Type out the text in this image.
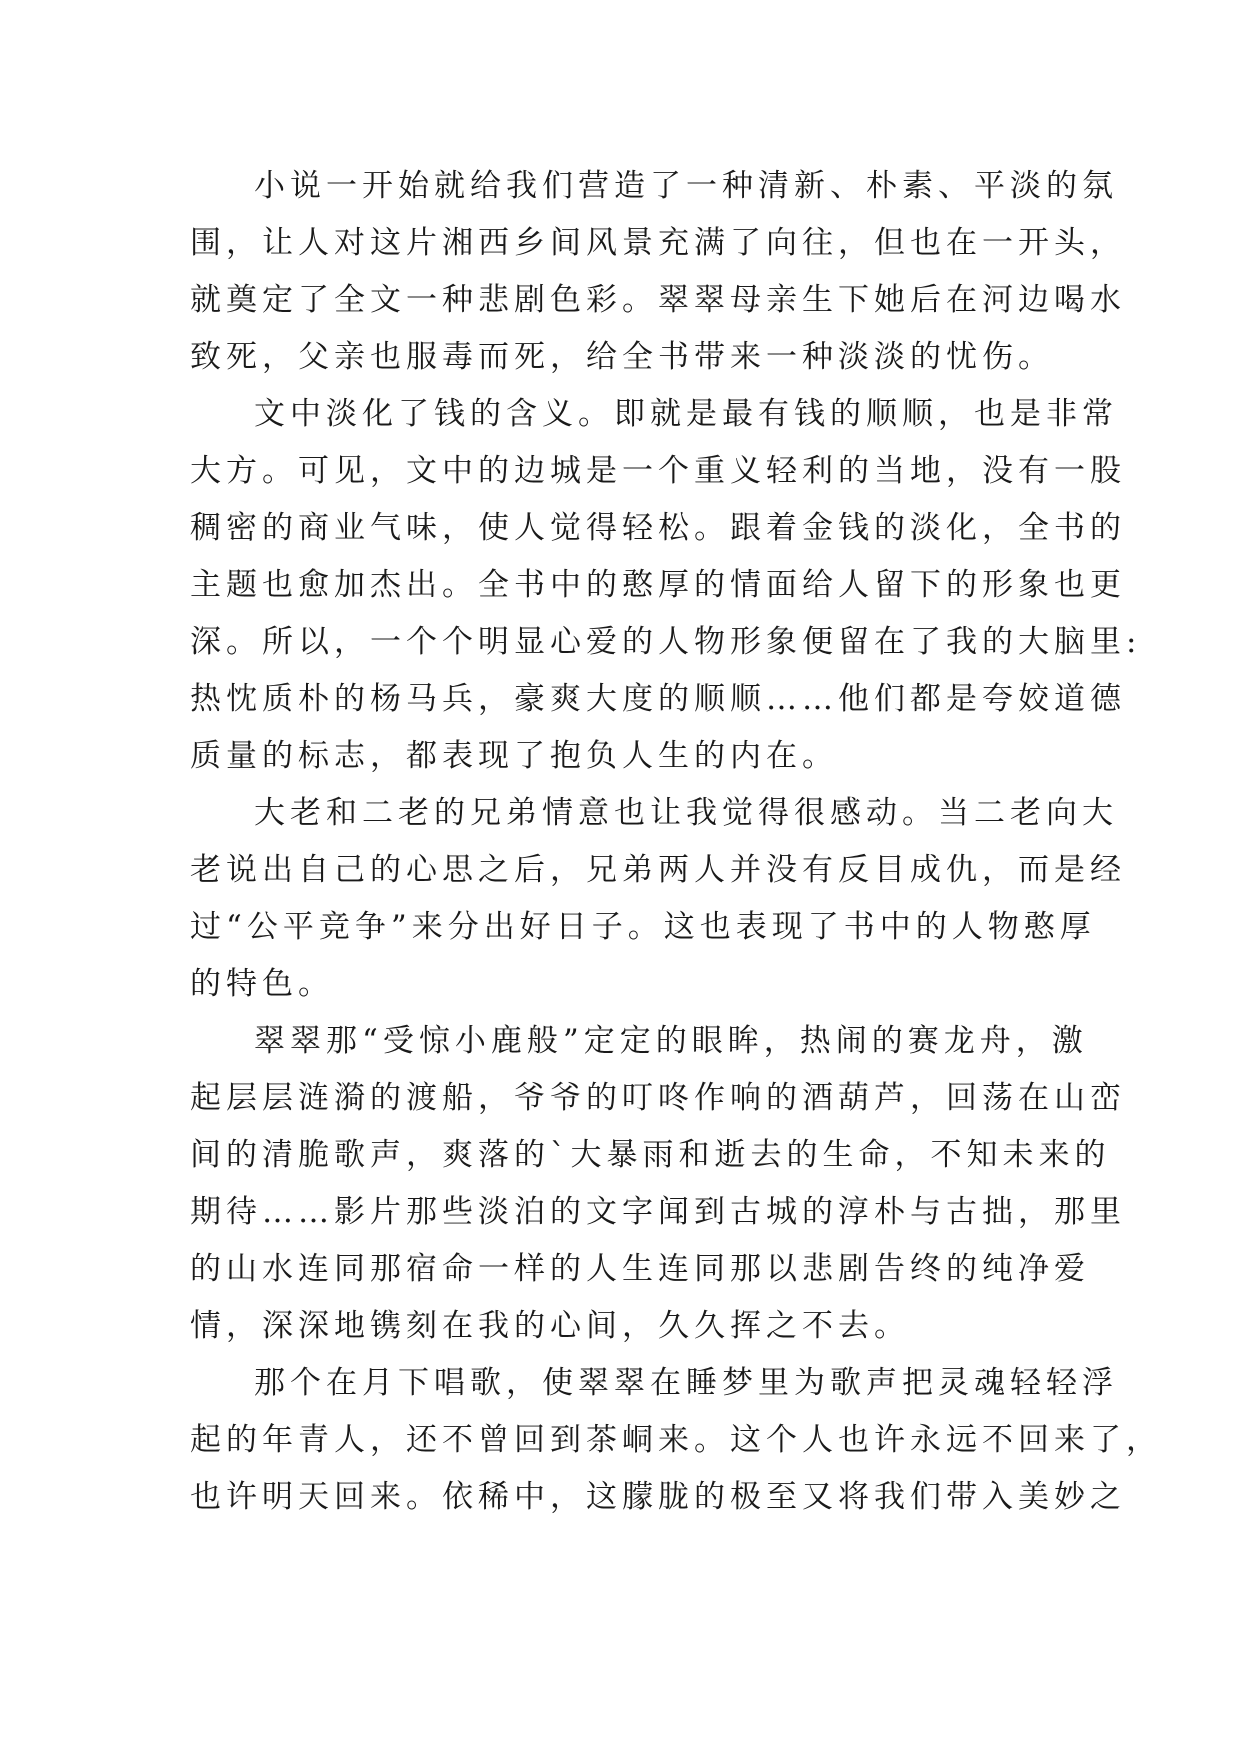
小说一开始就给我们营造了一种清新、朴素、平淡的氛
围，让人对这片湘西乡间风景充满了向往，但也在一开头，
就奠定了全文一种悲剧色彩。翠翠母亲生下她后在河边喝水
致死，父亲也服毒而死，给全书带来一种淡淡的忧伤。
文中淡化了钱的含义。即就是最有钱的顺顺，也是非常
大方。可见，文中的边城是一个重义轻利的当地，没有一股
稠密的商业气味，使人觉得轻松。跟着金钱的淡化，全书的
主题也愈加杰出。全书中的憨厚的情面给人留下的形象也更
深。所以，一个个明显心爱的人物形象便留在了我的大脑里:
热忱质朴的杨马兵，豪爽大度的顺顺……他们都是夸姣道德
质量的标志，都表现了抱负人生的内在。
大老和二老的兄弟情意也让我觉得很感动。当二老向大
老说出自己的心思之后，兄弟两人并没有反目成仇，而是经
过“公平竞争”来分出好日子。这也表现了书中的人物憨厚
的特色。
翠翠那“受惊小鹿般”定定的眼眸，热闹的赛龙舟，激
起层层涟漪的渡船，爷爷的叮咚作响的酒葫芦，回荡在山峦
间的清脆歌声，爽落的`大暴雨和逝去的生命，不知未来的
期待……影片那些淡泊的文字闻到古城的淳朴与古拙，那里
的山水连同那宿命一样的人生连同那以悲剧告终的纯净爱
情，深深地镌刻在我的心间，久久挥之不去。
那个在月下唱歌，使翠翠在睡梦里为歌声把灵魂轻轻浮
起的年青人，还不曾回到茶峒来。这个人也许永远不回来了，
也许明天回来。依稀中，这朦胧的极至又将我们带入美妙之
